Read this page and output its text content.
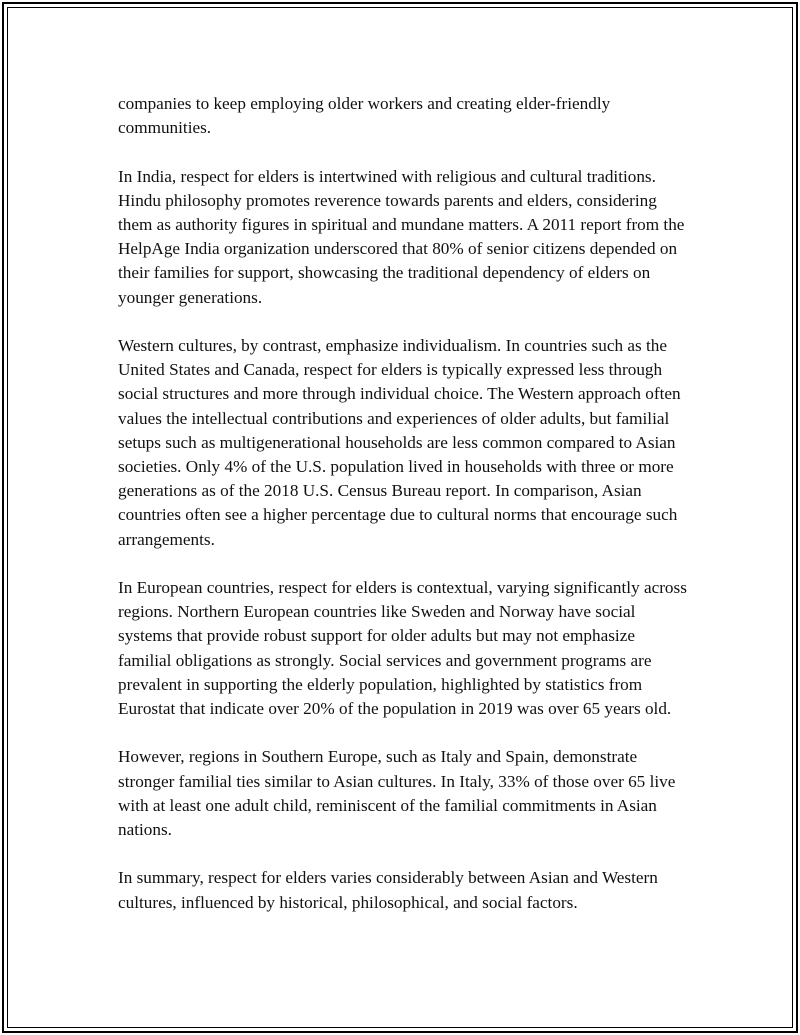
companies to keep employing older workers and creating elder-friendly communities.

In India, respect for elders is intertwined with religious and cultural traditions. Hindu philosophy promotes reverence towards parents and elders, considering them as authority figures in spiritual and mundane matters. A 2011 report from the HelpAge India organization underscored that 80% of senior citizens depended on their families for support, showcasing the traditional dependency of elders on younger generations.

Western cultures, by contrast, emphasize individualism. In countries such as the United States and Canada, respect for elders is typically expressed less through social structures and more through individual choice. The Western approach often values the intellectual contributions and experiences of older adults, but familial setups such as multigenerational households are less common compared to Asian societies. Only 4% of the U.S. population lived in households with three or more generations as of the 2018 U.S. Census Bureau report. In comparison, Asian countries often see a higher percentage due to cultural norms that encourage such arrangements.

In European countries, respect for elders is contextual, varying significantly across regions. Northern European countries like Sweden and Norway have social systems that provide robust support for older adults but may not emphasize familial obligations as strongly. Social services and government programs are prevalent in supporting the elderly population, highlighted by statistics from Eurostat that indicate over 20% of the population in 2019 was over 65 years old.

However, regions in Southern Europe, such as Italy and Spain, demonstrate stronger familial ties similar to Asian cultures. In Italy, 33% of those over 65 live with at least one adult child, reminiscent of the familial commitments in Asian nations.

In summary, respect for elders varies considerably between Asian and Western cultures, influenced by historical, philosophical, and social factors.
